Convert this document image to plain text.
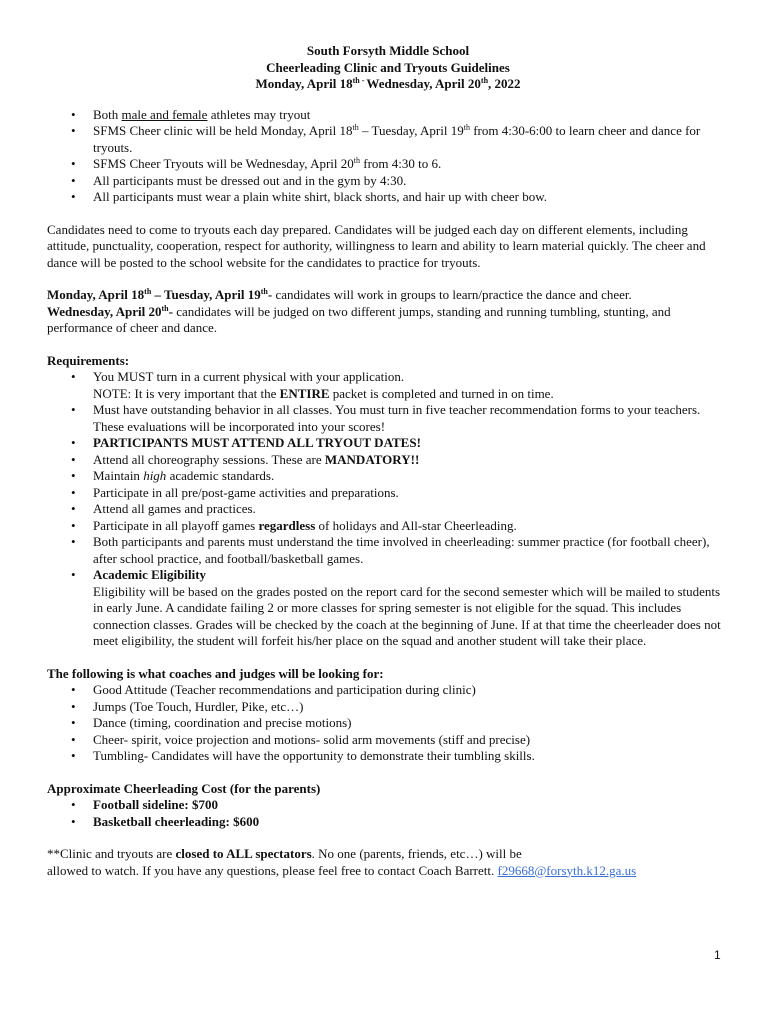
South Forsyth Middle School
Cheerleading Clinic and Tryouts Guidelines
Monday, April $18^{th -}$ Wednesday, April 20th, 2022
• Both male and female athletes may tryout
• SFMS Cheer clinic will be held Monday, April 18th – Tuesday, April 19th from 4:30-6:00 to learn cheer and dance for tryouts.
• SFMS Cheer Tryouts will be Wednesday, April 20th from 4:30 to 6.
• All participants must be dressed out and in the gym by 4:30.
• All participants must wear a plain white shirt, black shorts, and hair up with cheer bow.

Candidates need to come to tryouts each day prepared. Candidates will be judged each day on different elements, including attitude, punctuality, cooperation, respect for authority, willingness to learn and ability to learn material quickly. The cheer and dance will be posted to the school website for the candidates to practice for tryouts.

Monday, April 18th – Tuesday, April 19th- candidates will work in groups to learn/practice the dance and cheer.

Wednesday, April 20th- candidates will be judged on two different jumps, standing and running tumbling, stunting, and performance of cheer and dance.

Requirements:

• You MUST turn in a current physical with your application.
NOTE: It is very important that the ENTIRE packet is completed and turned in on time.
• Must have outstanding behavior in all classes. You must turn in five teacher recommendation forms to your teachers. These evaluations will be incorporated into your scores!
• PARTICIPANTS MUST ATTEND ALL TRYOUT DATES!
• Attend all choreography sessions. These are MANDATORY!!
• Maintain high academic standards.
• Participate in all pre/post-game activities and preparations.
• Attend all games and practices.
• Participate in all playoff games regardless of holidays and All-star Cheerleading.
• Both participants and parents must understand the time involved in cheerleading: summer practice (for football cheer), after school practice, and football/basketball games.
• Academic Eligibility
Eligibility will be based on the grades posted on the report card for the second semester which will be mailed to students in early June. A candidate failing 2 or more classes for spring semester is not eligible for the squad. This includes connection classes. Grades will be checked by the coach at the beginning of June. If at that time the cheerleader does not meet eligibility, the student will forfeit his/her place on the squad and another student will take their place.

The following is what coaches and judges will be looking for:

• Good Attitude (Teacher recommendations and participation during clinic)
• Jumps (Toe Touch, Hurdler, Pike, etc…)
• Dance (timing, coordination and precise motions)
• Cheer- spirit, voice projection and motions- solid arm movements (stiff and precise)
• Tumbling- Candidates will have the opportunity to demonstrate their tumbling skills.

Approximate Cheerleading Cost (for the parents)

• Football sideline: $700
• Basketball cheerleading: $600

**Clinic and tryouts are closed to ALL spectators. No one (parents, friends, etc…) will be

allowed to watch. If you have any questions, please feel free to contact Coach Barrett. f29668@forsyth.k12.ga.us

1
